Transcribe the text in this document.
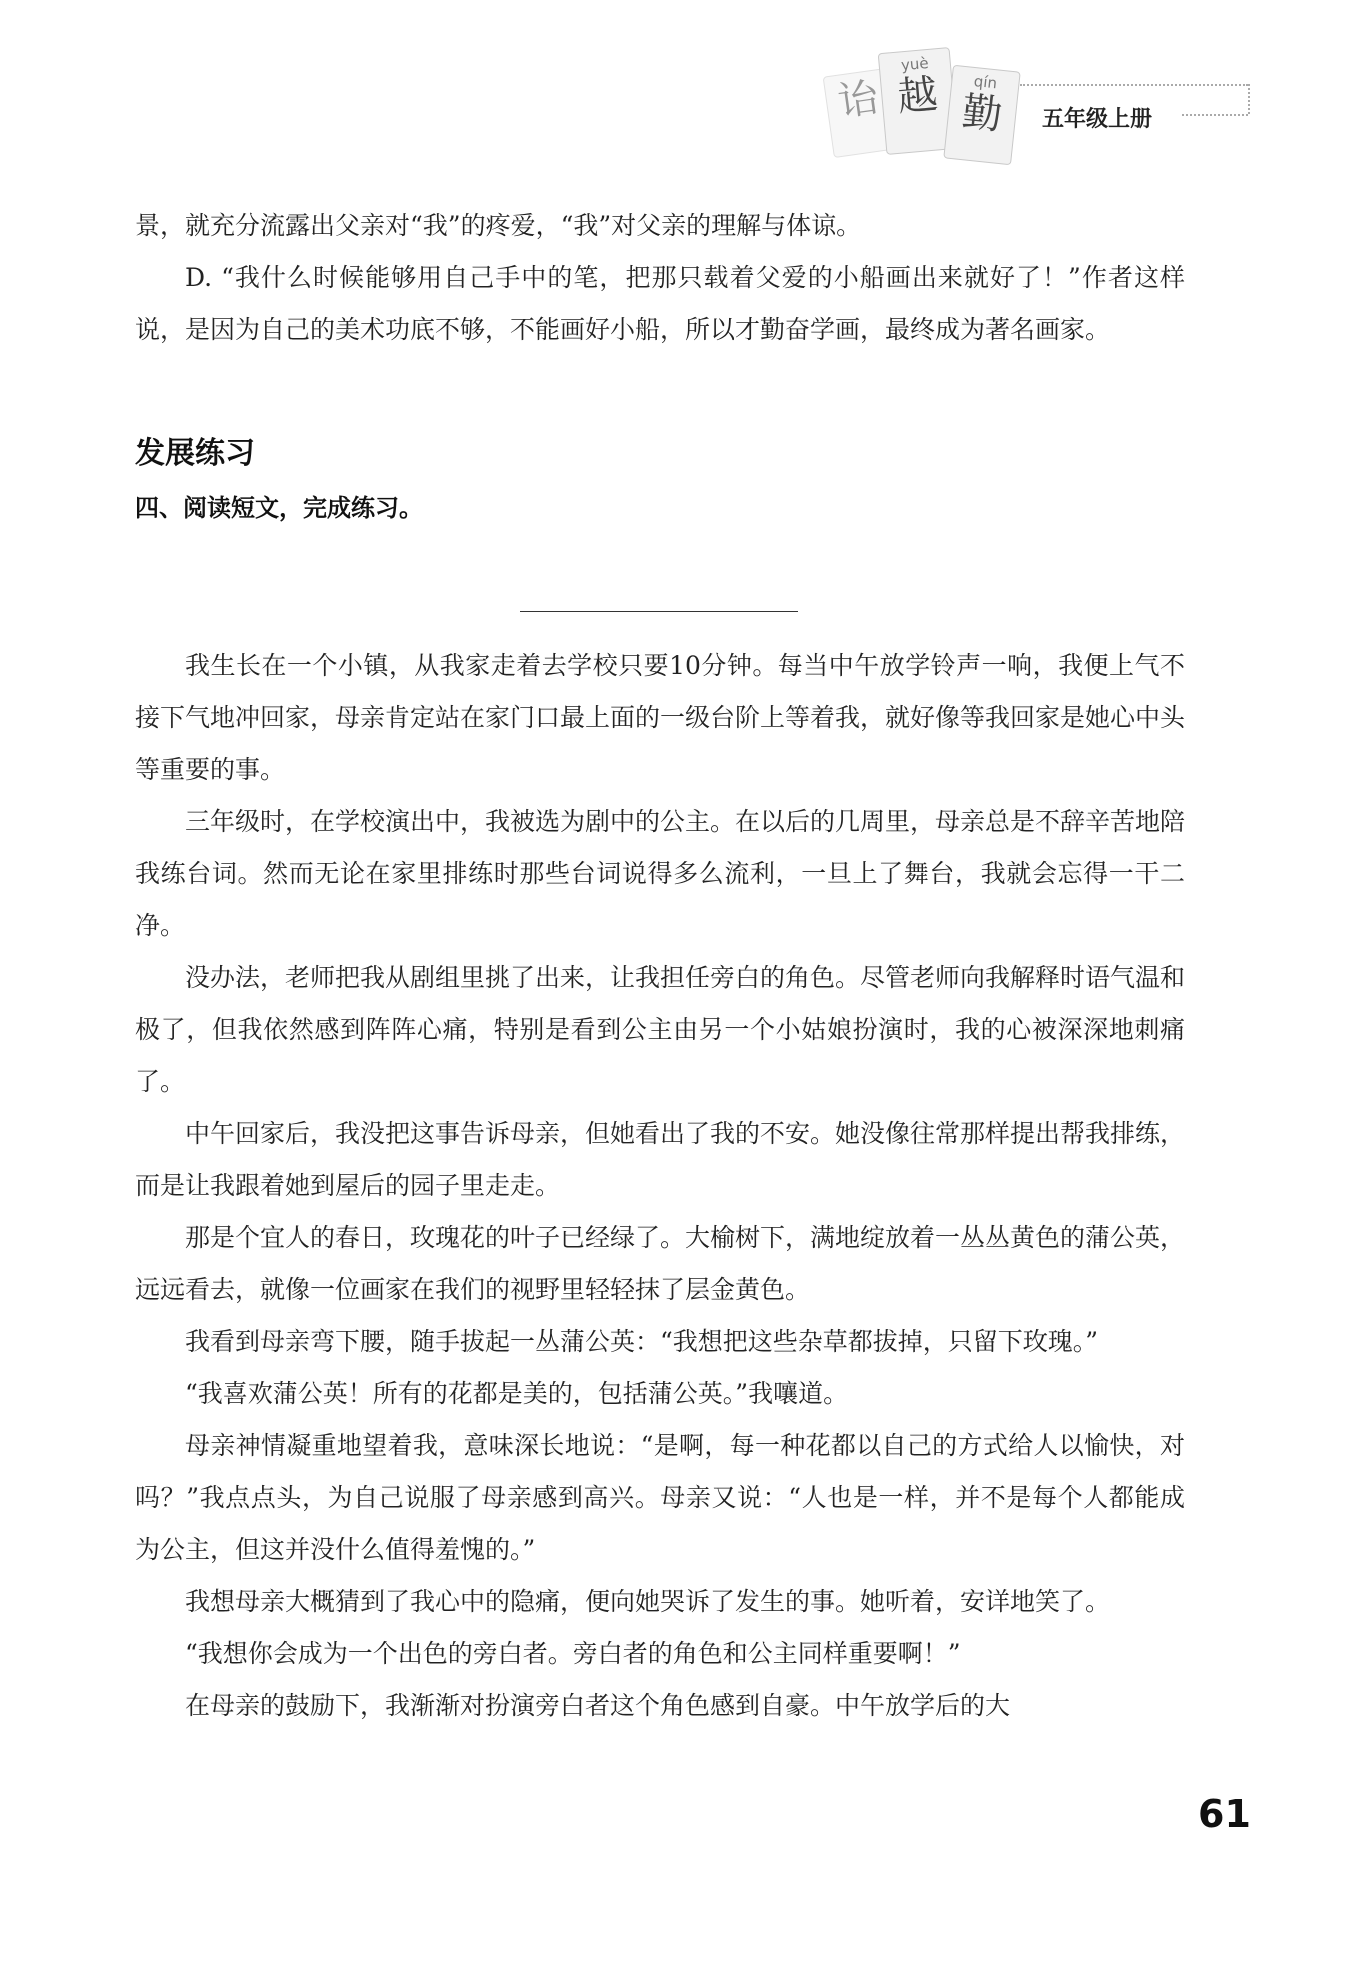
诒
yuè
越	qín
勤	五年级上册

景，就充分流露出父亲对“我”的疼爱，“我”对父亲的理解与体谅。

D. “我什么时候能够用自己手中的笔，把那只载着父爱的小船画出来就好了！”作者这样说，是因为自己的美术功底不够，不能画好小船，所以才勤奋学画，最终成为著名画家。

发展练习
四、阅读短文，完成练习。

我生长在一个小镇，从我家走着去学校只要10分钟。每当中午放学铃声一响，我便上气不接下气地冲回家，母亲肯定站在家门口最上面的一级台阶上等着我，就好像等我回家是她心中头等重要的事。

三年级时，在学校演出中，我被选为剧中的公主。在以后的几周里，母亲总是不辞辛苦地陪我练台词。然而无论在家里排练时那些台词说得多么流利，一旦上了舞台，我就会忘得一干二净。

没办法，老师把我从剧组里挑了出来，让我担任旁白的角色。尽管老师向我解释时语气温和极了，但我依然感到阵阵心痛，特别是看到公主由另一个小姑娘扮演时，我的心被深深地刺痛了。

中午回家后，我没把这事告诉母亲，但她看出了我的不安。她没像往常那样提出帮我排练，而是让我跟着她到屋后的园子里走走。

那是个宜人的春日，玫瑰花的叶子已经绿了。大榆树下，满地绽放着一丛丛黄色的蒲公英，远远看去，就像一位画家在我们的视野里轻轻抹了层金黄色。

我看到母亲弯下腰，随手拔起一丛蒲公英：“我想把这些杂草都拔掉，只留下玫瑰。”

“我喜欢蒲公英！所有的花都是美的，包括蒲公英。”我嚷道。

母亲神情凝重地望着我，意味深长地说：“是啊，每一种花都以自己的方式给人以愉快，对吗？”我点点头，为自己说服了母亲感到高兴。母亲又说：“人也是一样，并不是每个人都能成为公主，但这并没什么值得羞愧的。”

我想母亲大概猜到了我心中的隐痛，便向她哭诉了发生的事。她听着，安详地笑了。

“我想你会成为一个出色的旁白者。旁白者的角色和公主同样重要啊！”

在母亲的鼓励下，我渐渐对扮演旁白者这个角色感到自豪。中午放学后的大

61
